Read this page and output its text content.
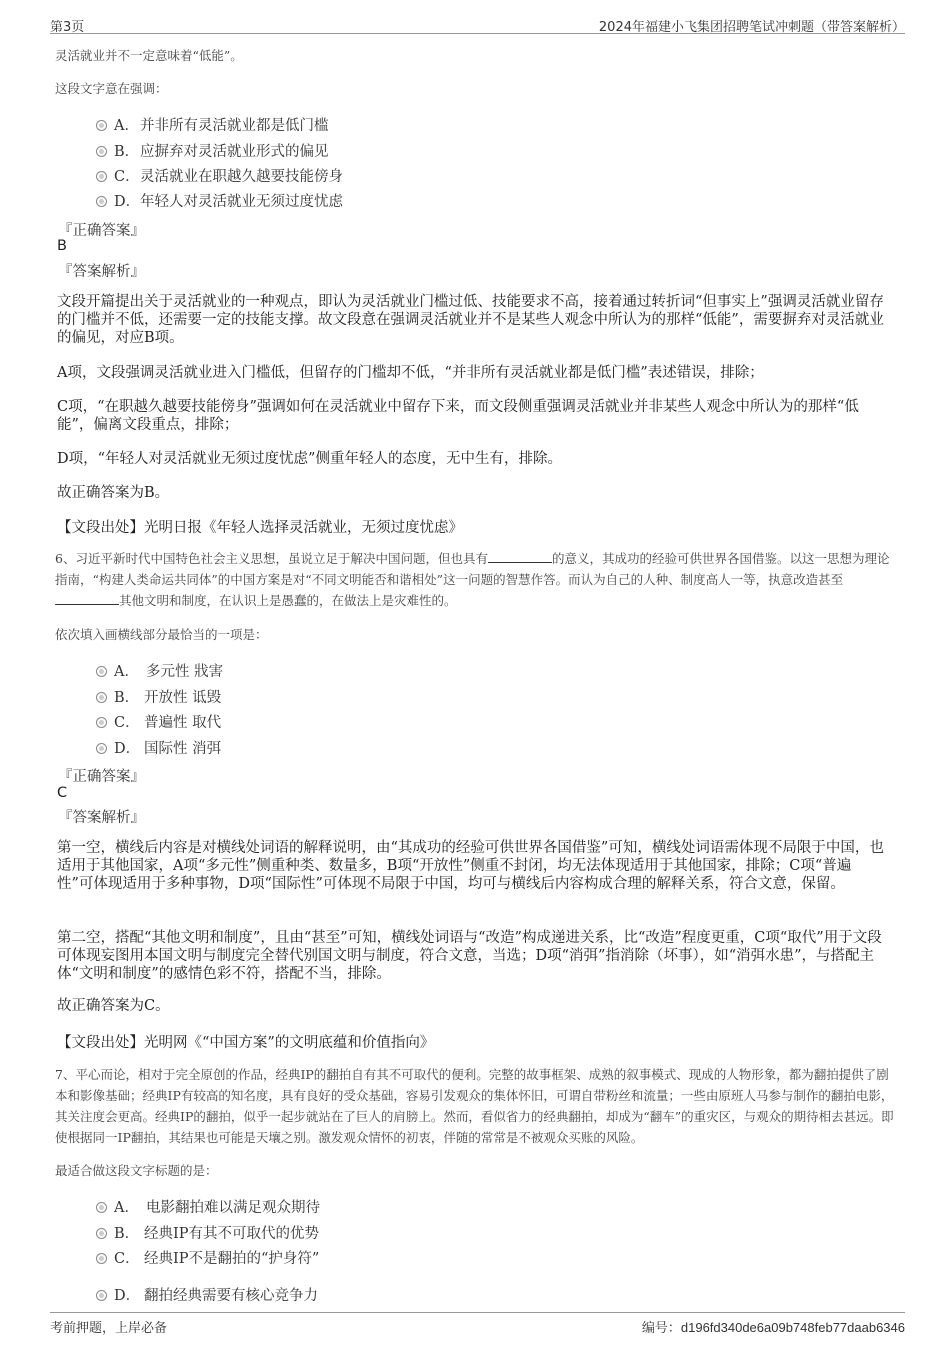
第3页	2024年福建小飞集团招聘笔试冲刺题（带答案解析）
灵活就业并不一定意味着“低能”。
这段文字意在强调：
A． 并非所有灵活就业都是低门槛
B． 应摒弃对灵活就业形式的偏见
C． 灵活就业在职越久越要技能傍身
D． 年轻人对灵活就业无须过度忧虑
『正确答案』
B
『答案解析』
文段开篇提出关于灵活就业的一种观点，即认为灵活就业门槛过低、技能要求不高，接着通过转折词“但事实上”强调灵活就业留存的门槛并不低，还需要一定的技能支撑。故文段意在强调灵活就业并不是某些人观念中所认为的那样“低能”，需要摒弃对灵活就业的偏见，对应B项。
A项，文段强调灵活就业进入门槛低，但留存的门槛却不低，“并非所有灵活就业都是低门槛”表述错误，排除；
C项，“在职越久越要技能傍身”强调如何在灵活就业中留存下来，而文段侧重强调灵活就业并非某些人观念中所认为的那样“低能”，偏离文段重点，排除；
D项，“年轻人对灵活就业无须过度忧虑”侧重年轻人的态度，无中生有，排除。
故正确答案为B。
【文段出处】光明日报《年轻人选择灵活就业，无须过度忧虑》
6、习近平新时代中国特色社会主义思想，虽说立足于解决中国问题，但也具有	的意义，其成功的经验可供世界各国借鉴。以这一思想为理论指南，“构建人类命运共同体”的中国方案是对“不同文明能否和谐相处”这一问题的智慧作答。而认为自己的人种、制度高人一等，执意改造甚至其他文明和制度，在认识上是愚蠢的，在做法上是灾难性的。
依次填入画横线部分最恰当的一项是：
A． 多元性 戕害
B． 开放性 诋毁
C． 普遍性 取代
D． 国际性 消弭
『正确答案』
C
『答案解析』
第一空，横线后内容是对横线处词语的解释说明，由“其成功的经验可供世界各国借鉴”可知，横线处词语需体现不局限于中国，也适用于其他国家，A项“多元性”侧重种类、数量多，B项“开放性”侧重不封闭，均无法体现适用于其他国家，排除；C项“普遍性”可体现适用于多种事物，D项“国际性”可体现不局限于中国，均可与横线后内容构成合理的解释关系，符合文意，保留。
第二空，搭配“其他文明和制度”，且由“甚至”可知，横线处词语与“改造”构成递进关系，比“改造”程度更重，C项“取代”用于文段可体现妄图用本国文明与制度完全替代别国文明与制度，符合文意，当选；D项“消弭”指消除（坏事），如“消弭水患”，与搭配主体“文明和制度”的感情色彩不符，搭配不当，排除。
故正确答案为C。
【文段出处】光明网《“中国方案”的文明底蕴和价值指向》
7、平心而论，相对于完全原创的作品，经典IP的翻拍自有其不可取代的便利。完整的故事框架、成熟的叙事模式、现成的人物形象，都为翻拍提供了剧本和影像基础；经典IP有较高的知名度，具有良好的受众基础，容易引发观众的集体怀旧，可谓自带粉丝和流量；一些由原班人马参与制作的翻拍电影，其关注度会更高。经典IP的翻拍，似乎一起步就站在了巨人的肩膀上。然而，看似省力的经典翻拍，却成为“翻车”的重灾区，与观众的期待相去甚远。即使根据同一IP翻拍，其结果也可能是天壤之别。激发观众情怀的初衷，伴随的常常是不被观众买账的风险。
最适合做这段文字标题的是：
A． 电影翻拍难以满足观众期待
B． 经典IP有其不可取代的优势
C． 经典IP不是翻拍的“护身符”
D． 翻拍经典需要有核心竞争力
考前押题，上岸必备	编号：d196fd340de6a09b748feb77daab6346
